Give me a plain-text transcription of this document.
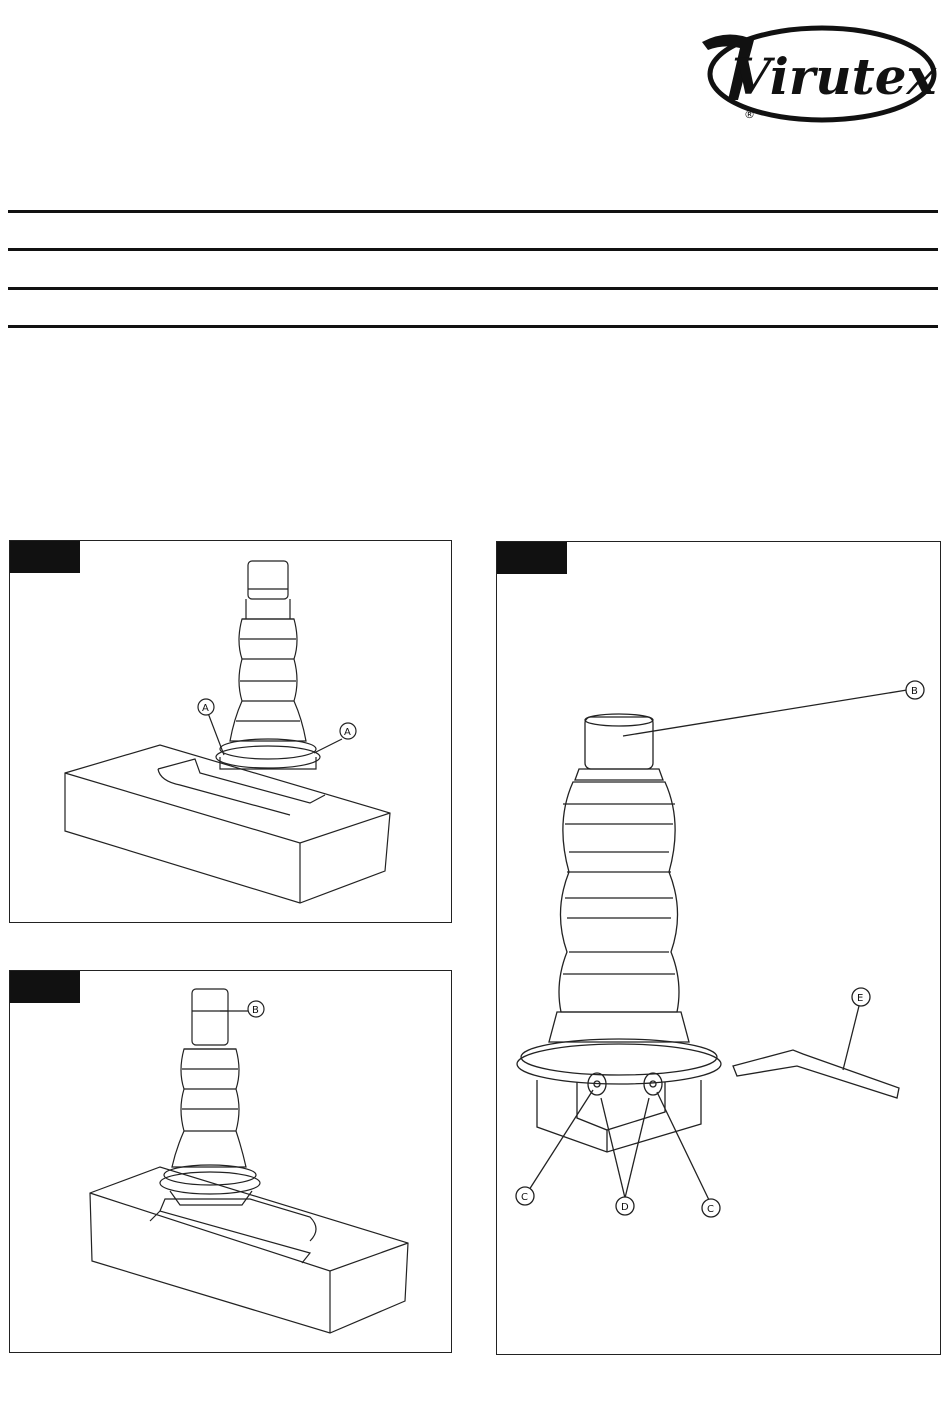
Virutex
®
A
A
B
B
C
D	C
E
